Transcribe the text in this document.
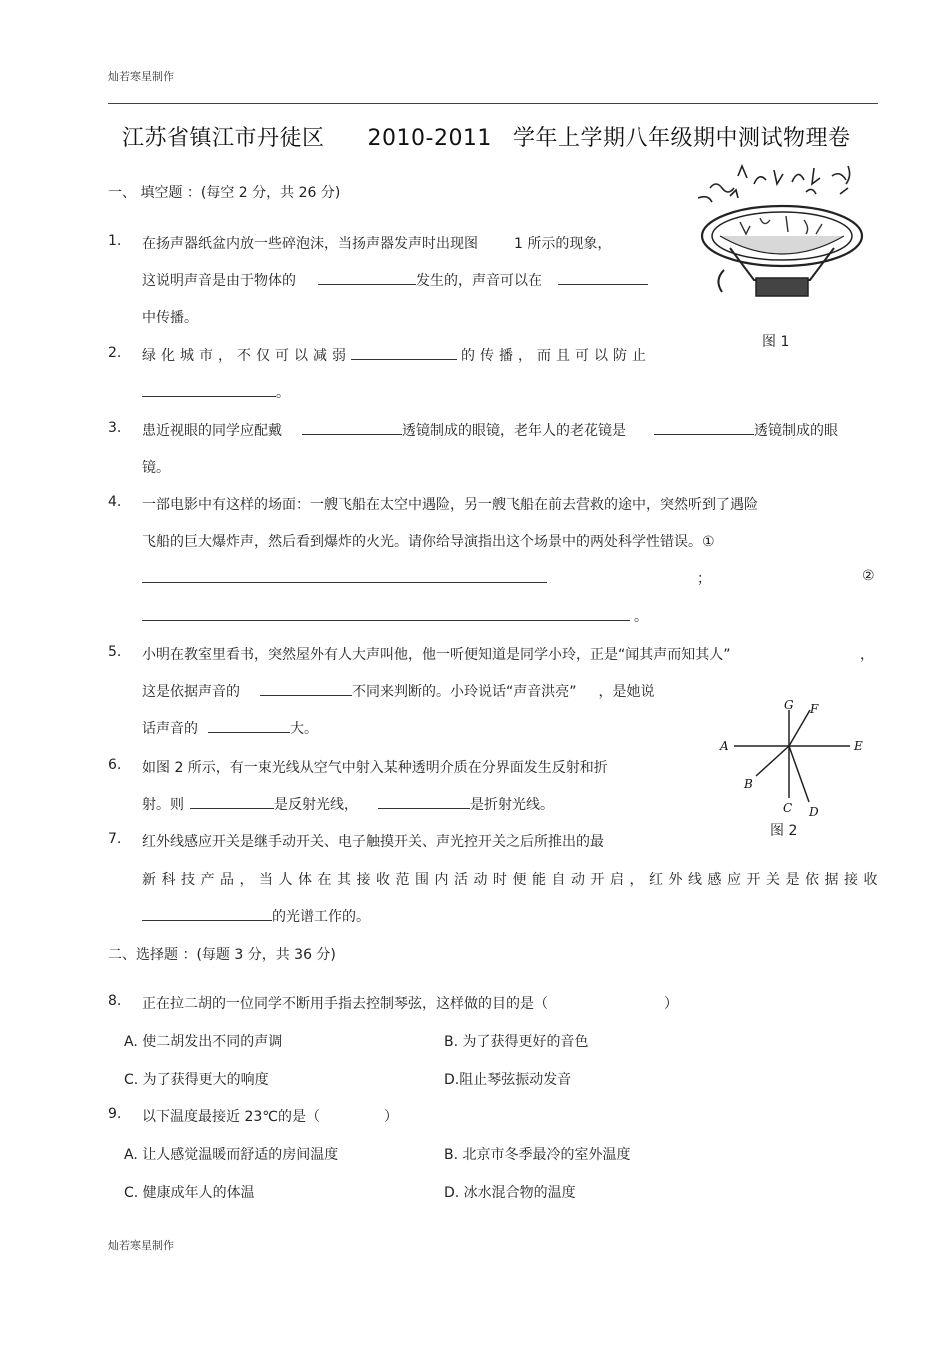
灿若寒星制作
江苏省镇江市丹徒区 2010-2011 学年上学期八年级期中测试物理卷
一、 填空题 ：(每空 2 分，共 26 分)
图 1
1. 在扬声器纸盆内放一些碎泡沫，当扬声器发声时出现图	1 所示的现象，
这说明声音是由于物体的	发生的，声音可以在
中传播。
2. 绿化城市，不仅可以减弱	的传播，而且可以防止
。
3. 患近视眼的同学应配戴	透镜制成的眼镜，老年人的老花镜是	透镜制成的眼
镜。
4. 一部电影中有这样的场面：一艘飞船在太空中遇险，另一艘飞船在前去营救的途中，突然听到了遇险
飞船的巨大爆炸声，然后看到爆炸的火光。请你给导演指出这个场景中的两处科学性错误。①
；	②
。
5. 小明在教室里看书，突然屋外有人大声叫他，他一听便知道是同学小玲，正是“闻其声而知其人”	，
这是依据声音的	不同来判断的。小玲说话“声音洪亮” ，是她说
话声音的	大。
A	E
G F
B
C D
图 2
6. 如图 2 所示，有一束光线从空气中射入某种透明介质在分界面发生反射和折
射。则	是反射光线，	是折射光线。
7. 红外线感应开关是继手动开关、电子触摸开关、声光控开关之后所推出的最
新科技产品，当人体在其接收范围内活动时便能自动开启，红外线感应开关是依据接收
的光谱工作的。
二、选择题 ：(每题 3 分，共 36 分)
8. 正在拉二胡的一位同学不断用手指去控制琴弦，这样做的目的是（	）
A. 使二胡发出不同的声调	B. 为了获得更好的音色
C. 为了获得更大的响度	D.阻止琴弦振动发音
9. 以下温度最接近 23℃的是（	）
A. 让人感觉温暖而舒适的房间温度	B. 北京市冬季最冷的室外温度
C. 健康成年人的体温	D. 冰水混合物的温度
灿若寒星制作
